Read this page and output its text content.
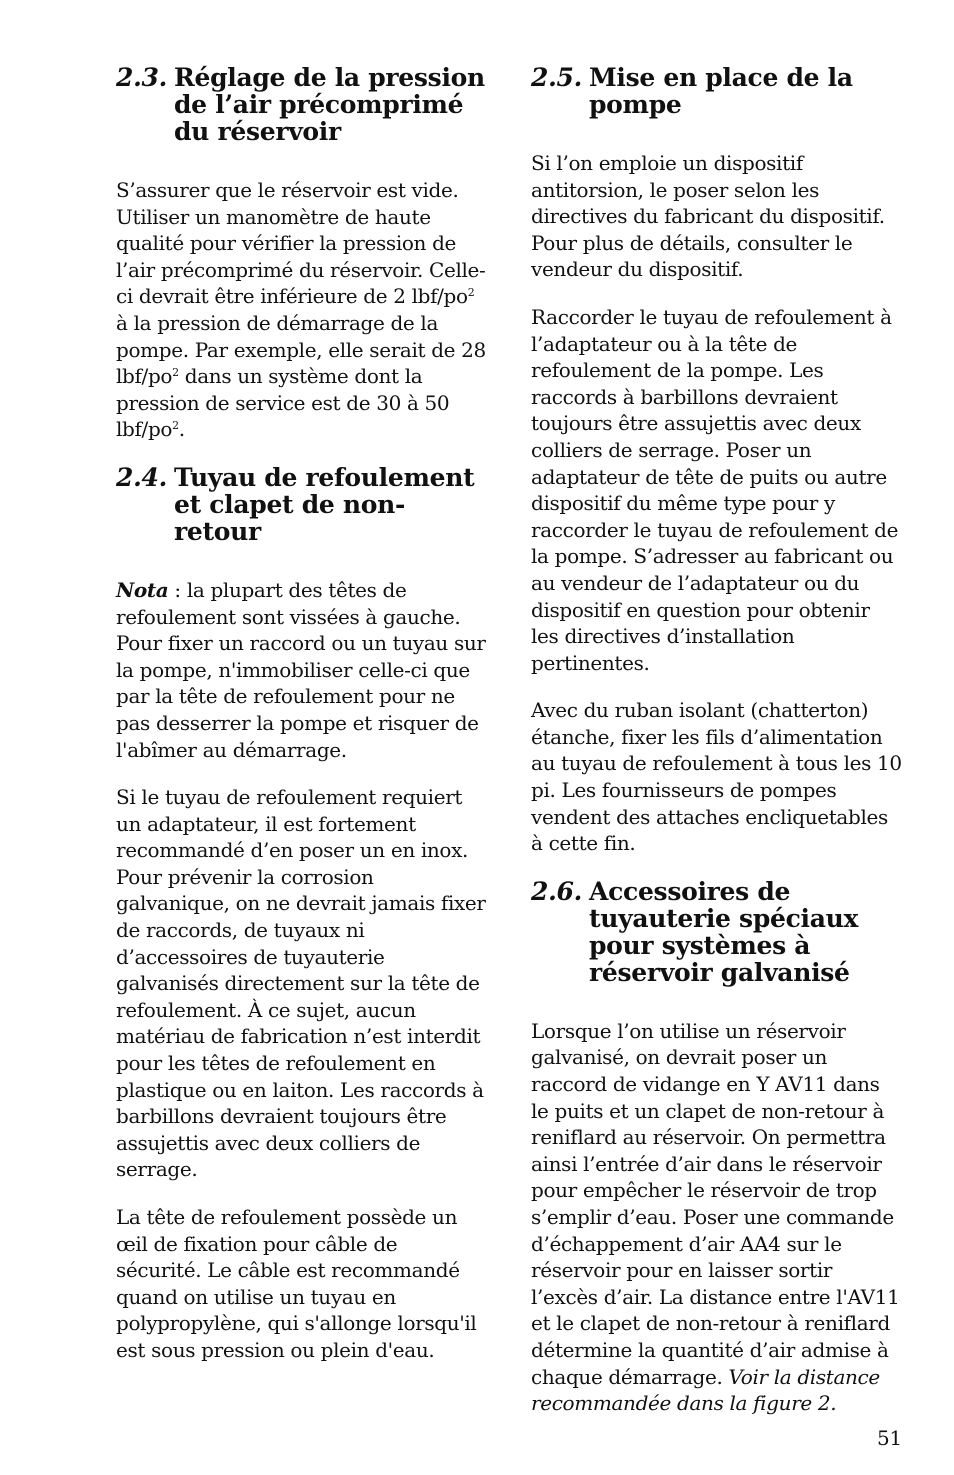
2.3. Réglage de la pression de l’air précomprimé du réservoir

S’assurer que le réservoir est vide. Utiliser un manomètre de haute qualité pour vérifier la pression de l’air précomprimé du réservoir. Celle-ci devrait être inférieure de 2 lbf/$po^2$ à la pression de démarrage de la pompe. Par exemple, elle serait de 28 lbf/$po^2$ dans un système dont la pression de service est de 30 à 50 lbf/$po^2$.

2.4. Tuyau de refoulement et clapet de non-retour

Nota : la plupart des têtes de refoulement sont vissées à gauche. Pour fixer un raccord ou un tuyau sur la pompe, n'immobiliser celle-ci que par la tête de refoulement pour ne pas desserrer la pompe et risquer de l'abîmer au démarrage.

Si le tuyau de refoulement requiert un adaptateur, il est fortement recommandé d’en poser un en inox. Pour prévenir la corrosion galvanique, on ne devrait jamais fixer de raccords, de tuyaux ni d’accessoires de tuyauterie galvanisés directement sur la tête de refoulement. À ce sujet, aucun matériau de fabrication n’est interdit pour les têtes de refoulement en plastique ou en laiton. Les raccords à barbillons devraient toujours être assujettis avec deux colliers de serrage.

La tête de refoulement possède un œil de fixation pour câble de sécurité. Le câble est recommandé quand on utilise un tuyau en polypropylène, qui s'allonge lorsqu'il est sous pression ou plein d'eau.

2.5. Mise en place de la pompe

Si l’on emploie un dispositif antitorsion, le poser selon les directives du fabricant du dispositif. Pour plus de détails, consulter le vendeur du dispositif.

Raccorder le tuyau de refoulement à l’adaptateur ou à la tête de refoulement de la pompe. Les raccords à barbillons devraient toujours être assujettis avec deux colliers de serrage. Poser un adaptateur de tête de puits ou autre dispositif du même type pour y raccorder le tuyau de refoulement de la pompe. S’adresser au fabricant ou au vendeur de l’adaptateur ou du dispositif en question pour obtenir les directives d’installation pertinentes.

Avec du ruban isolant (chatterton) étanche, fixer les fils d’alimentation au tuyau de refoulement à tous les 10 pi. Les fournisseurs de pompes vendent des attaches encliquetables à cette fin.

2.6. Accessoires de tuyauterie spéciaux pour systèmes à réservoir galvanisé

Lorsque l’on utilise un réservoir galvanisé, on devrait poser un raccord de vidange en Y AV11 dans le puits et un clapet de non-retour à reniflard au réservoir. On permettra ainsi l’entrée d’air dans le réservoir pour empêcher le réservoir de trop s’emplir d’eau. Poser une commande d’échappement d’air AA4 sur le réservoir pour en laisser sortir l’excès d’air. La distance entre l'AV11 et le clapet de non-retour à reniflard détermine la quantité d’air admise à chaque démarrage. Voir la distance recommandée dans la figure 2.

51
